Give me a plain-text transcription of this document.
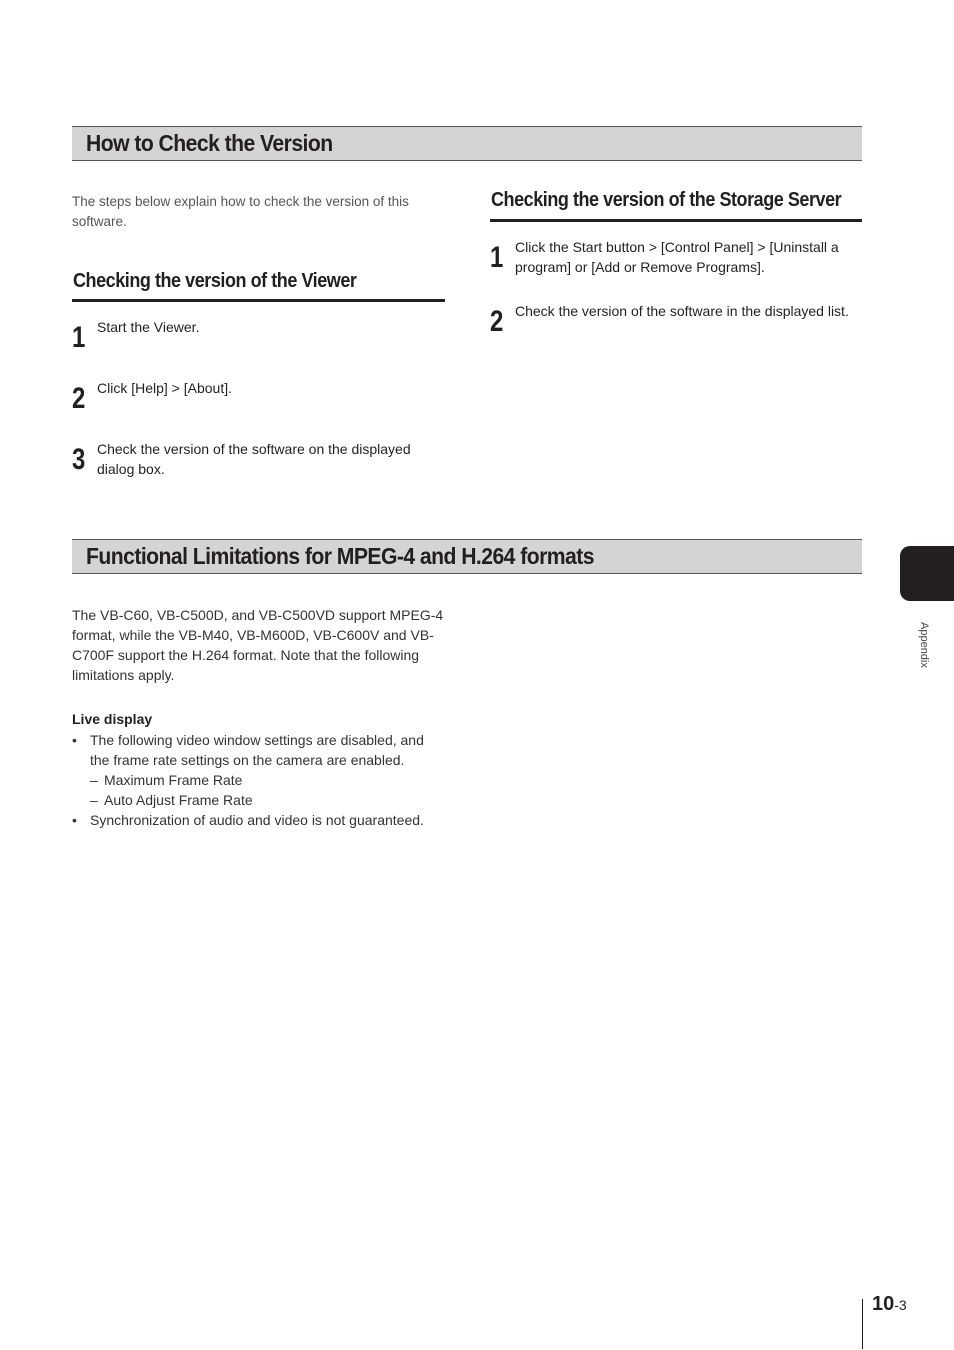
How to Check the Version
The steps below explain how to check the version of this software.
Checking the version of the Viewer
1 Start the Viewer.
2 Click [Help] > [About].
3 Check the version of the software on the displayed dialog box.
Checking the version of the Storage Server
1 Click the Start button > [Control Panel] > [Uninstall a program] or [Add or Remove Programs].
2 Check the version of the software in the displayed list.
Functional Limitations for MPEG-4 and H.264 formats
The VB-C60, VB-C500D, and VB-C500VD support MPEG-4 format, while the VB-M40, VB-M600D, VB-C600V and VB-C700F support the H.264 format. Note that the following limitations apply.
Live display
• The following video window settings are disabled, and the frame rate settings on the camera are enabled.
– Maximum Frame Rate
– Auto Adjust Frame Rate
• Synchronization of audio and video is not guaranteed.
Appendix
10-3
